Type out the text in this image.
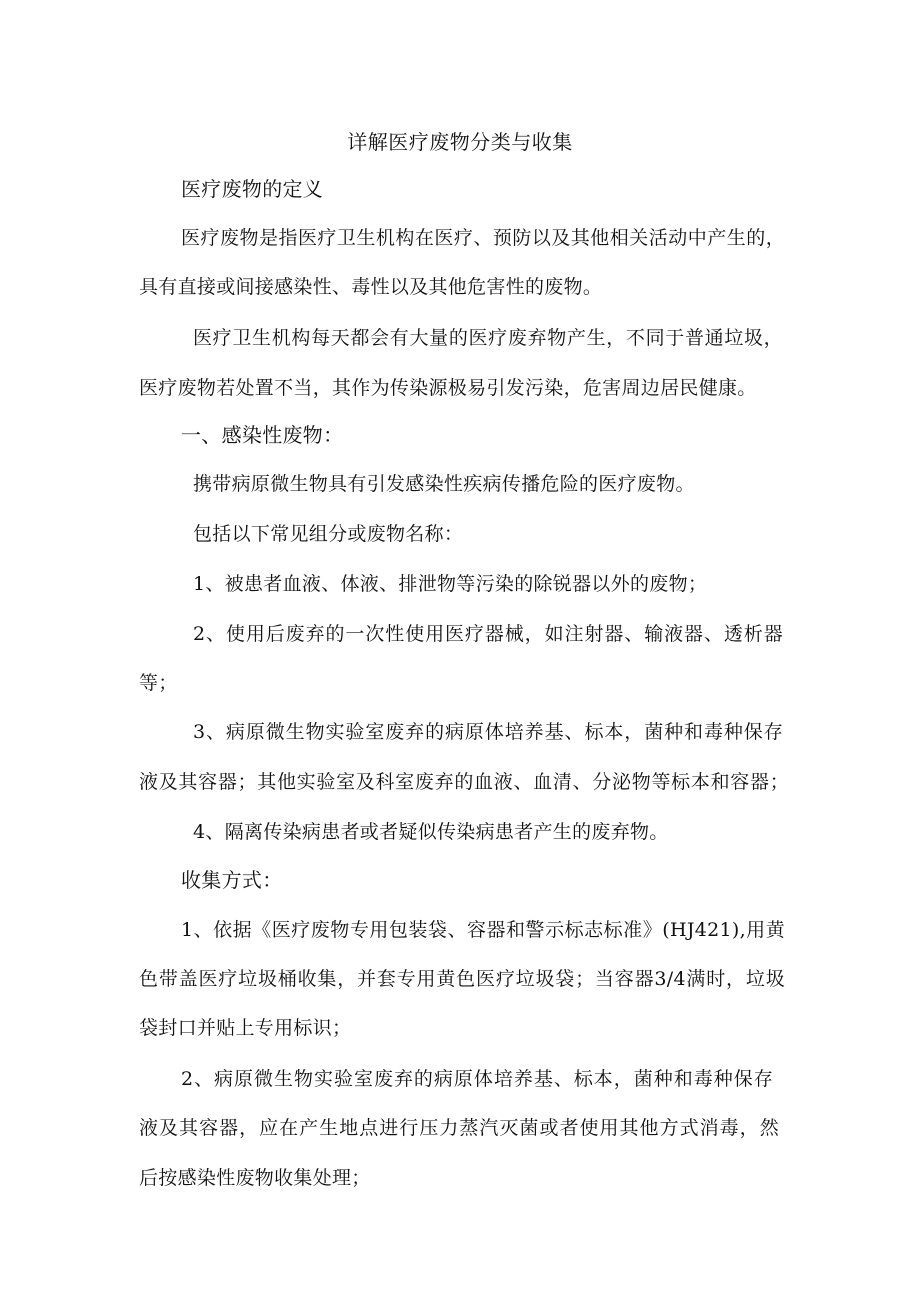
详解医疗废物分类与收集
医疗废物的定义
医疗废物是指医疗卫生机构在医疗、预防以及其他相关活动中产生的，
具有直接或间接感染性、毒性以及其他危害性的废物。
医疗卫生机构每天都会有大量的医疗废弃物产生，不同于普通垃圾，
医疗废物若处置不当，其作为传染源极易引发污染，危害周边居民健康。
一、感染性废物：
携带病原微生物具有引发感染性疾病传播危险的医疗废物。
包括以下常见组分或废物名称：
1、被患者血液、体液、排泄物等污染的除锐器以外的废物；
2、使用后废弃的一次性使用医疗器械，如注射器、输液器、透析器
等；
3、病原微生物实验室废弃的病原体培养基、标本，菌种和毒种保存
液及其容器；其他实验室及科室废弃的血液、血清、分泌物等标本和容器；
4、隔离传染病患者或者疑似传染病患者产生的废弃物。
收集方式：
1、依据《医疗废物专用包装袋、容器和警示标志标准》(HJ421),用黄
色带盖医疗垃圾桶收集，并套专用黄色医疗垃圾袋；当容器3/4满时，垃圾
袋封口并贴上专用标识；
2、病原微生物实验室废弃的病原体培养基、标本，菌种和毒种保存
液及其容器，应在产生地点进行压力蒸汽灭菌或者使用其他方式消毒，然
后按感染性废物收集处理；
